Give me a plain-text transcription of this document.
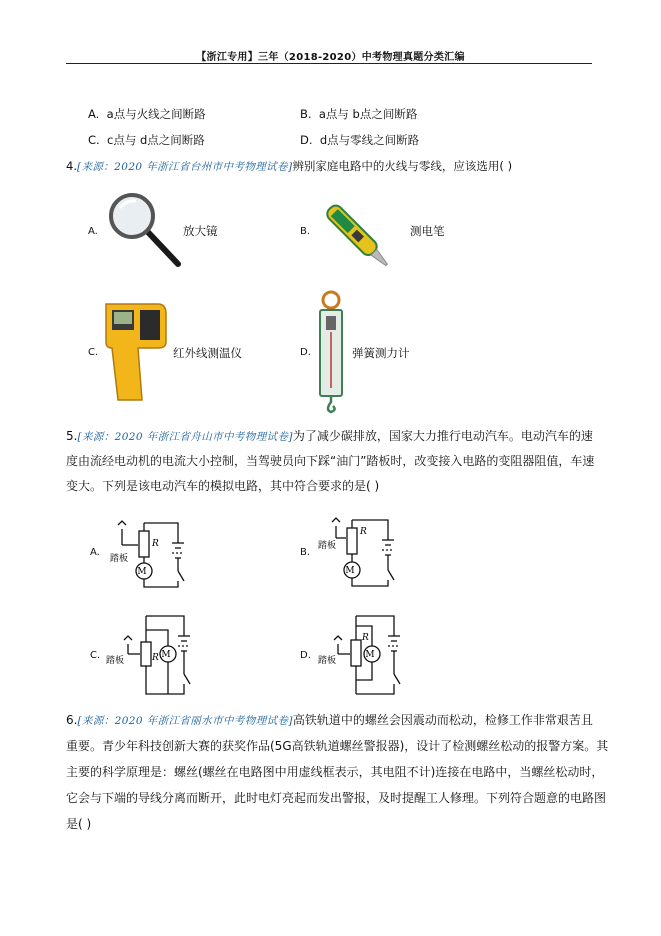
【浙江专用】三年（2018-2020）中考物理真题分类汇编
A. a点与火线之间断路	B. a点与 b点之间断路
C. c点与 d点之间断路	D. d点与零线之间断路
4.[来源：2020 年浙江省台州市中考物理试卷]辨别家庭电路中的火线与零线，应该选用( )
A.	放大镜	B.	测电笔
C.	红外线测温仪	D.	弹簧测力计
5.[来源：2020 年浙江省舟山市中考物理试卷]为了减少碳排放，国家大力推行电动汽车。电动汽车的速
度由流经电动机的电流大小控制，当驾驶员向下踩“油门”踏板时，改变接入电路的变阻器阻值，车速
变大。下列是该电动汽车的模拟电路，其中符合要求的是( )
A.
M
R
踏板
B.
M
R
踏板
C.	M
R
踏板	D.	M
R
踏板
6.[来源：2020 年浙江省丽水市中考物理试卷]高铁轨道中的螺丝会因震动而松动，检修工作非常艰苦且
重要。青少年科技创新大赛的获奖作品(5G高铁轨道螺丝警报器)，设计了检测螺丝松动的报警方案。其
主要的科学原理是：螺丝(螺丝在电路图中用虚线框表示，其电阻不计)连接在电路中，当螺丝松动时，
它会与下端的导线分离而断开，此时电灯亮起而发出警报，及时提醒工人修理。下列符合题意的电路图
是( )
